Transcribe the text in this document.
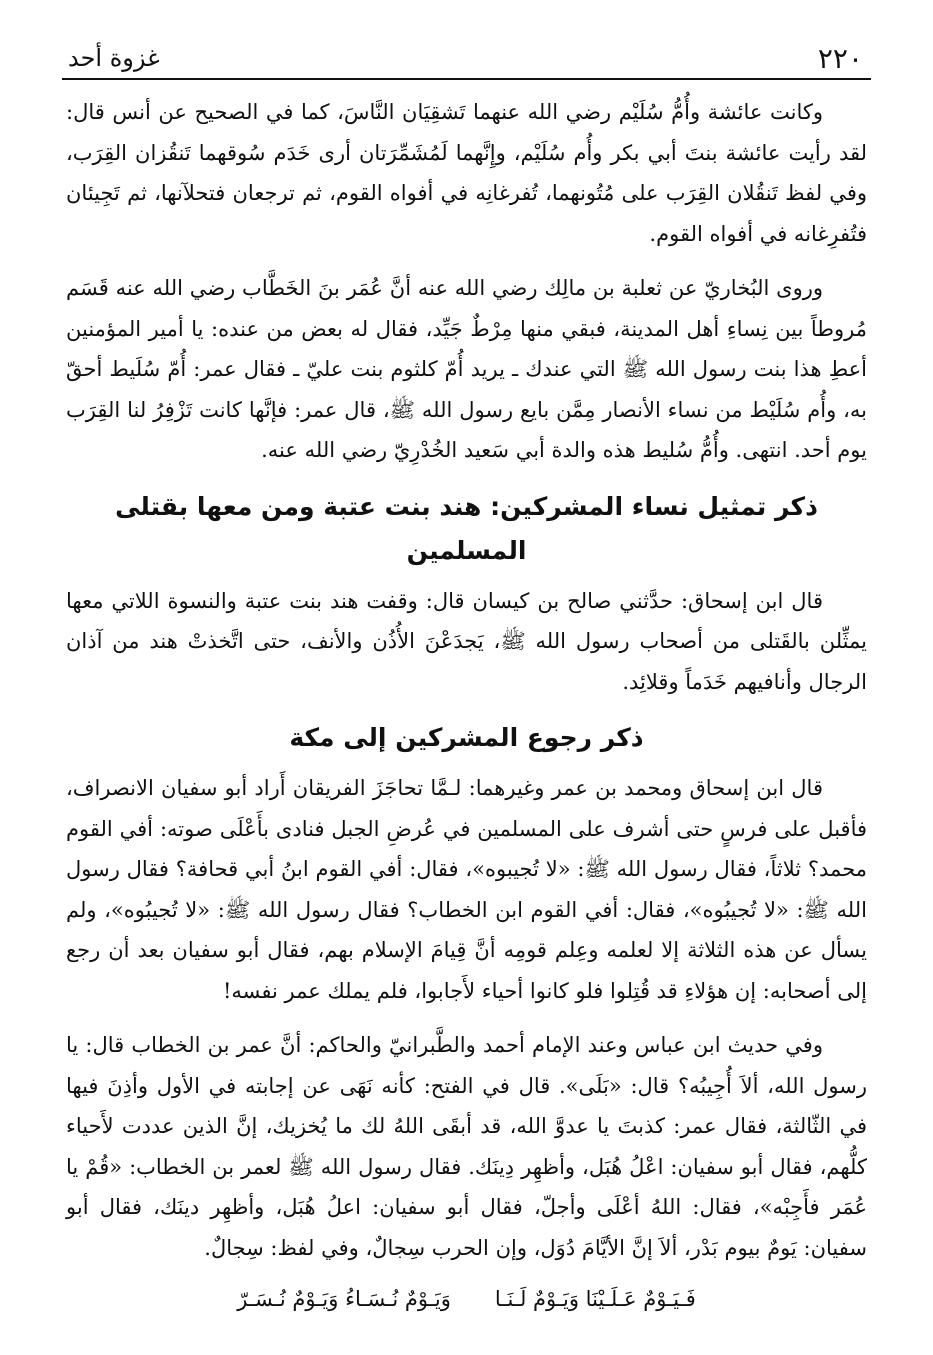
٢٢٠
غزوة أحد

وكانت عائشة وأُمُّ سُلَيْم رضي الله عنهما تَشقِيَان النَّاسَ، كما في الصحيح عن أنس قال: لقد رأيت عائشة بنتَ أبي بكر وأُم سُلَيْم، وإِنَّهما لَمُشَمِّرَتان أرى خَدَم سُوقهما تَنقُزان القِرَب، وفي لفظ تَنقُلان القِرَب على مُتُونهما، تُفرغانِه في أفواه القوم، ثم ترجعان فتحلآنها، ثم تَجِيئان فتُفرِغانه في أفواه القوم.

وروى البُخاريّ عن ثعلبة بن مالِك رضي الله عنه أنَّ عُمَر بنَ الخَطَّاب رضي الله عنه قَسَم مُروطاً بين نِساءِ أهل المدينة، فبقي منها مِرْطٌ جَيِّد، فقال له بعض من عنده: يا أمير المؤمنين أعطِ هذا بنت رسول الله ﷺ التي عندك ـ يريد أُمّ كلثوم بنت عليّ ـ فقال عمر: أُمّ سُلَيط أحقّ به، وأُم سُلَيْط من نساء الأنصار مِمَّن بايع رسول الله ﷺ، قال عمر: فإنَّها كانت تَزْفِرُ لنا القِرَب يوم أحد. انتهى. وأُمُّ سُليط هذه والدة أبي سَعيد الخُدْرِيّ رضي الله عنه.

ذكر تمثيل نساء المشركين: هند بنت عتبة ومن معها بقتلى المسلمين

قال ابن إسحاق: حدَّثني صالح بن كيسان قال: وقفت هند بنت عتبة والنسوة اللاتي معها يمثِّلن بالقَتلى من أصحاب رسول الله ﷺ، يَجدَعْنَ الأُذُن والأنف، حتى اتَّخذتْ هند من آذان الرجال وأنافيهم خَدَماً وقلائِد.

ذكر رجوع المشركين إلى مكة

قال ابن إسحاق ومحمد بن عمر وغيرهما: لـمَّا تحاجَزَ الفريقان أَراد أبو سفيان الانصراف، فأقبل على فرسٍ حتى أشرف على المسلمين في عُرضِ الجبل فنادى بأَعْلَى صوته: أفي القوم محمد؟ ثلاثاً، فقال رسول الله ﷺ: «لا تُجيبوه»، فقال: أفي القوم ابنُ أبي قحافة؟ فقال رسول الله ﷺ: «لا تُجيبُوه»، فقال: أفي القوم ابن الخطاب؟ فقال رسول الله ﷺ: «لا تُجيبُوه»، ولم يسأل عن هذه الثلاثة إلا لعلمه وعِلم قومِه أنَّ قِيامَ الإسلام بهم، فقال أبو سفيان بعد أن رجع إلى أصحابه: إن هؤلاءِ قد قُتِلوا فلو كانوا أحياء لأَجابوا، فلم يملك عمر نفسه!

وفي حديث ابن عباس وعند الإمام أحمد والطَّبرانيّ والحاكم: أنَّ عمر بن الخطاب قال: يا رسول الله، ألاَ أُجِيبُه؟ قال: «بَلَى». قال في الفتح: كأنه نَهَى عن إجابته في الأول وأذِنَ فيها في الثّالثة، فقال عمر: كذبتَ يا عدوَّ الله، قد أبقَى اللهُ لك ما يُخزيك، إنَّ الذين عددت لأَحياء كلُّهم، فقال أبو سفيان: اعْلُ هُبَل، وأظهِر دِينَك. فقال رسول الله ﷺ لعمر بن الخطاب: «قُمْ يا عُمَر فأَجِبْه»، فقال: اللهُ أعْلَى وأجلّ، فقال أبو سفيان: اعلُ هُبَل، وأظهِر دينَك، فقال أبو سفيان: يَومٌ بيوم بَدْر، ألاَ إنَّ الأيَّامَ دُوَل، وإن الحرب سِجالٌ، وفي لفظ: سِجالٌ.

فَـيَـوْمٌ عَـلَـيْنَا وَيَـوْمٌ لَـنَـا
وَيَـوْمٌ نُـسَـاءُ وَيَـوْمٌ نُـسَـرّ
